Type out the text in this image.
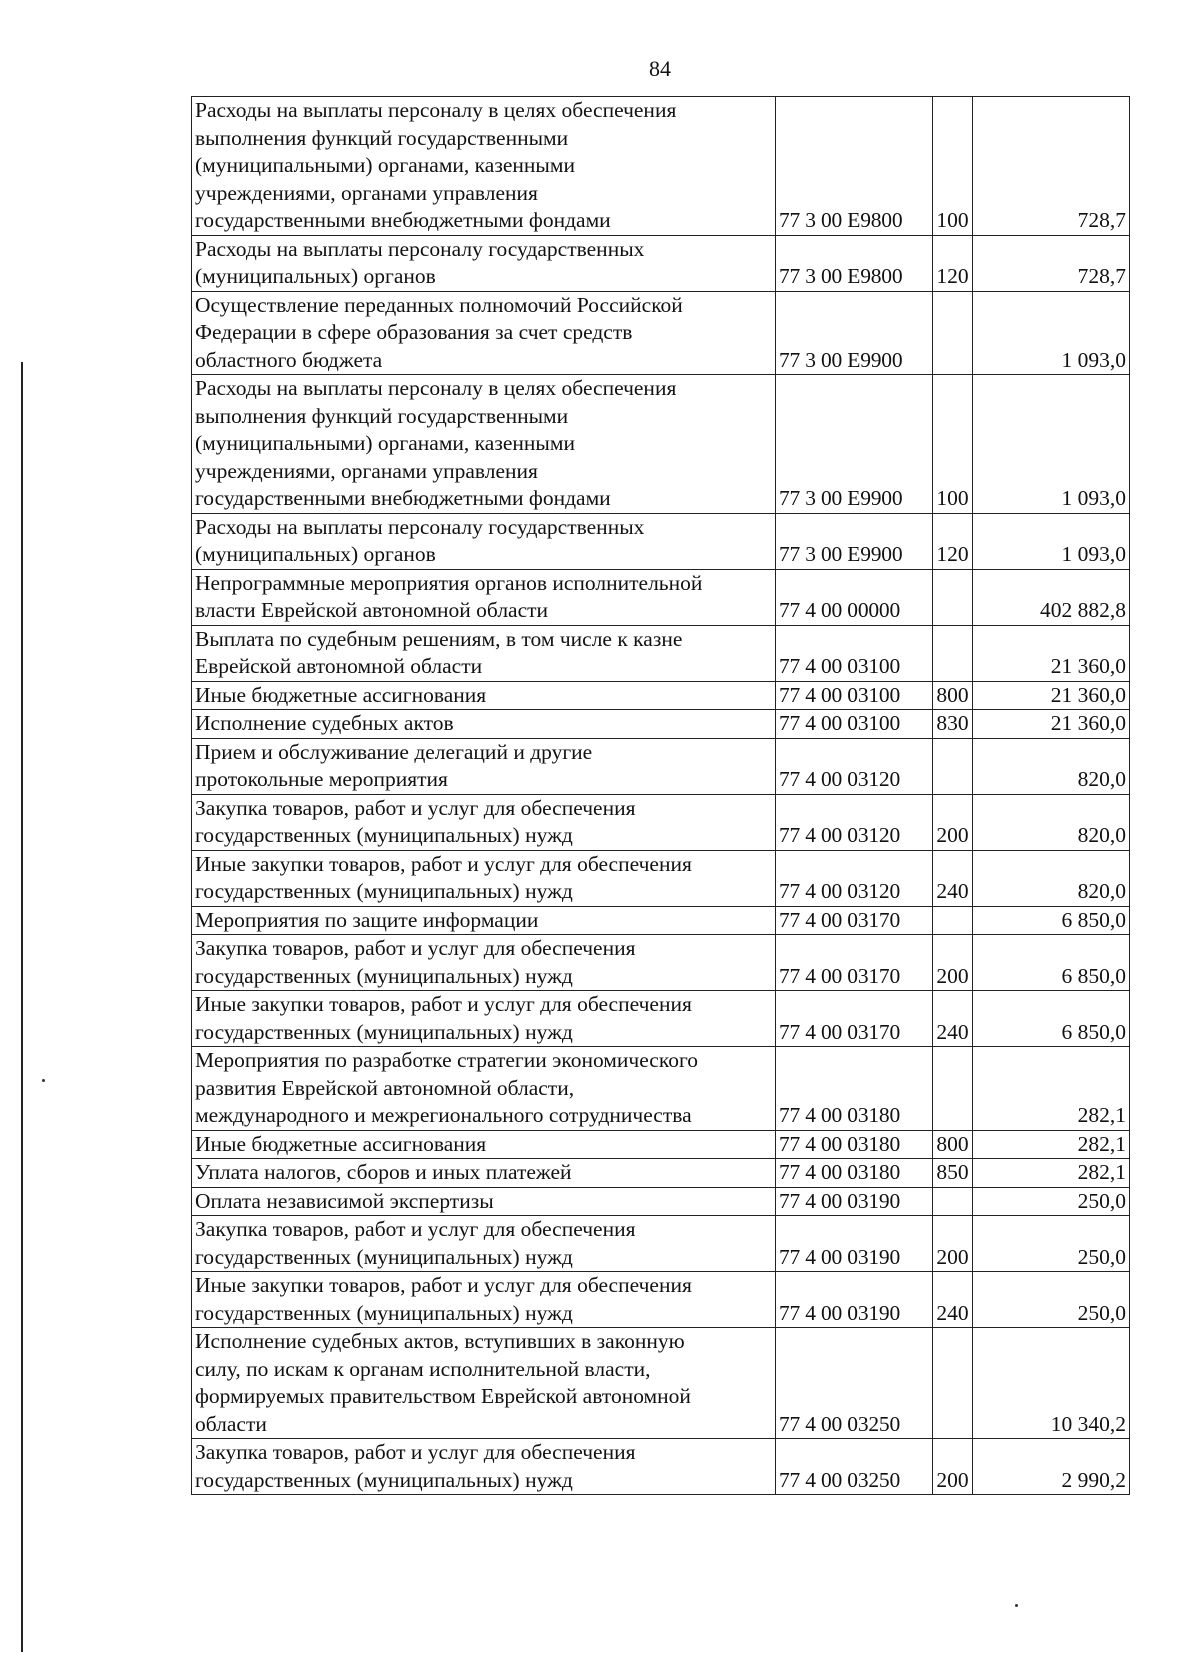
84
Расходы на выплаты персоналу в целях обеспечения
выполнения функций государственными
(муниципальными) органами, казенными
учреждениями, органами управления
государственными внебюджетными фондами	77 3 00 Е9800	100	728,7
Расходы на выплаты персоналу государственных
(муниципальных) органов	77 3 00 Е9800	120	728,7
Осуществление переданных полномочий Российской
Федерации в сфере образования за счет средств
областного бюджета	77 3 00 Е9900		1 093,0
Расходы на выплаты персоналу в целях обеспечения
выполнения функций государственными
(муниципальными) органами, казенными
учреждениями, органами управления
государственными внебюджетными фондами	77 3 00 Е9900	100	1 093,0
Расходы на выплаты персоналу государственных
(муниципальных) органов	77 3 00 Е9900	120	1 093,0
Непрограммные мероприятия органов исполнительной
власти Еврейской автономной области	77 4 00 00000		402 882,8
Выплата по судебным решениям, в том числе к казне
Еврейской автономной области	77 4 00 03100		21 360,0
Иные бюджетные ассигнования	77 4 00 03100	800	21 360,0
Исполнение судебных актов	77 4 00 03100	830	21 360,0
Прием и обслуживание делегаций и другие
протокольные мероприятия	77 4 00 03120		820,0
Закупка товаров, работ и услуг для обеспечения
государственных (муниципальных) нужд	77 4 00 03120	200	820,0
Иные закупки товаров, работ и услуг для обеспечения
государственных (муниципальных) нужд	77 4 00 03120	240	820,0
Мероприятия по защите информации	77 4 00 03170		6 850,0
Закупка товаров, работ и услуг для обеспечения
государственных (муниципальных) нужд	77 4 00 03170	200	6 850,0
Иные закупки товаров, работ и услуг для обеспечения
государственных (муниципальных) нужд	77 4 00 03170	240	6 850,0
Мероприятия по разработке стратегии экономического
развития Еврейской автономной области,
международного и межрегионального сотрудничества	77 4 00 03180		282,1
Иные бюджетные ассигнования	77 4 00 03180	800	282,1
Уплата налогов, сборов и иных платежей	77 4 00 03180	850	282,1
Оплата независимой экспертизы	77 4 00 03190		250,0
Закупка товаров, работ и услуг для обеспечения
государственных (муниципальных) нужд	77 4 00 03190	200	250,0
Иные закупки товаров, работ и услуг для обеспечения
государственных (муниципальных) нужд	77 4 00 03190	240	250,0
Исполнение судебных актов, вступивших в законную
силу, по искам к органам исполнительной власти,
формируемых правительством Еврейской автономной
области	77 4 00 03250		10 340,2
Закупка товаров, работ и услуг для обеспечения
государственных (муниципальных) нужд	77 4 00 03250	200	2 990,2
